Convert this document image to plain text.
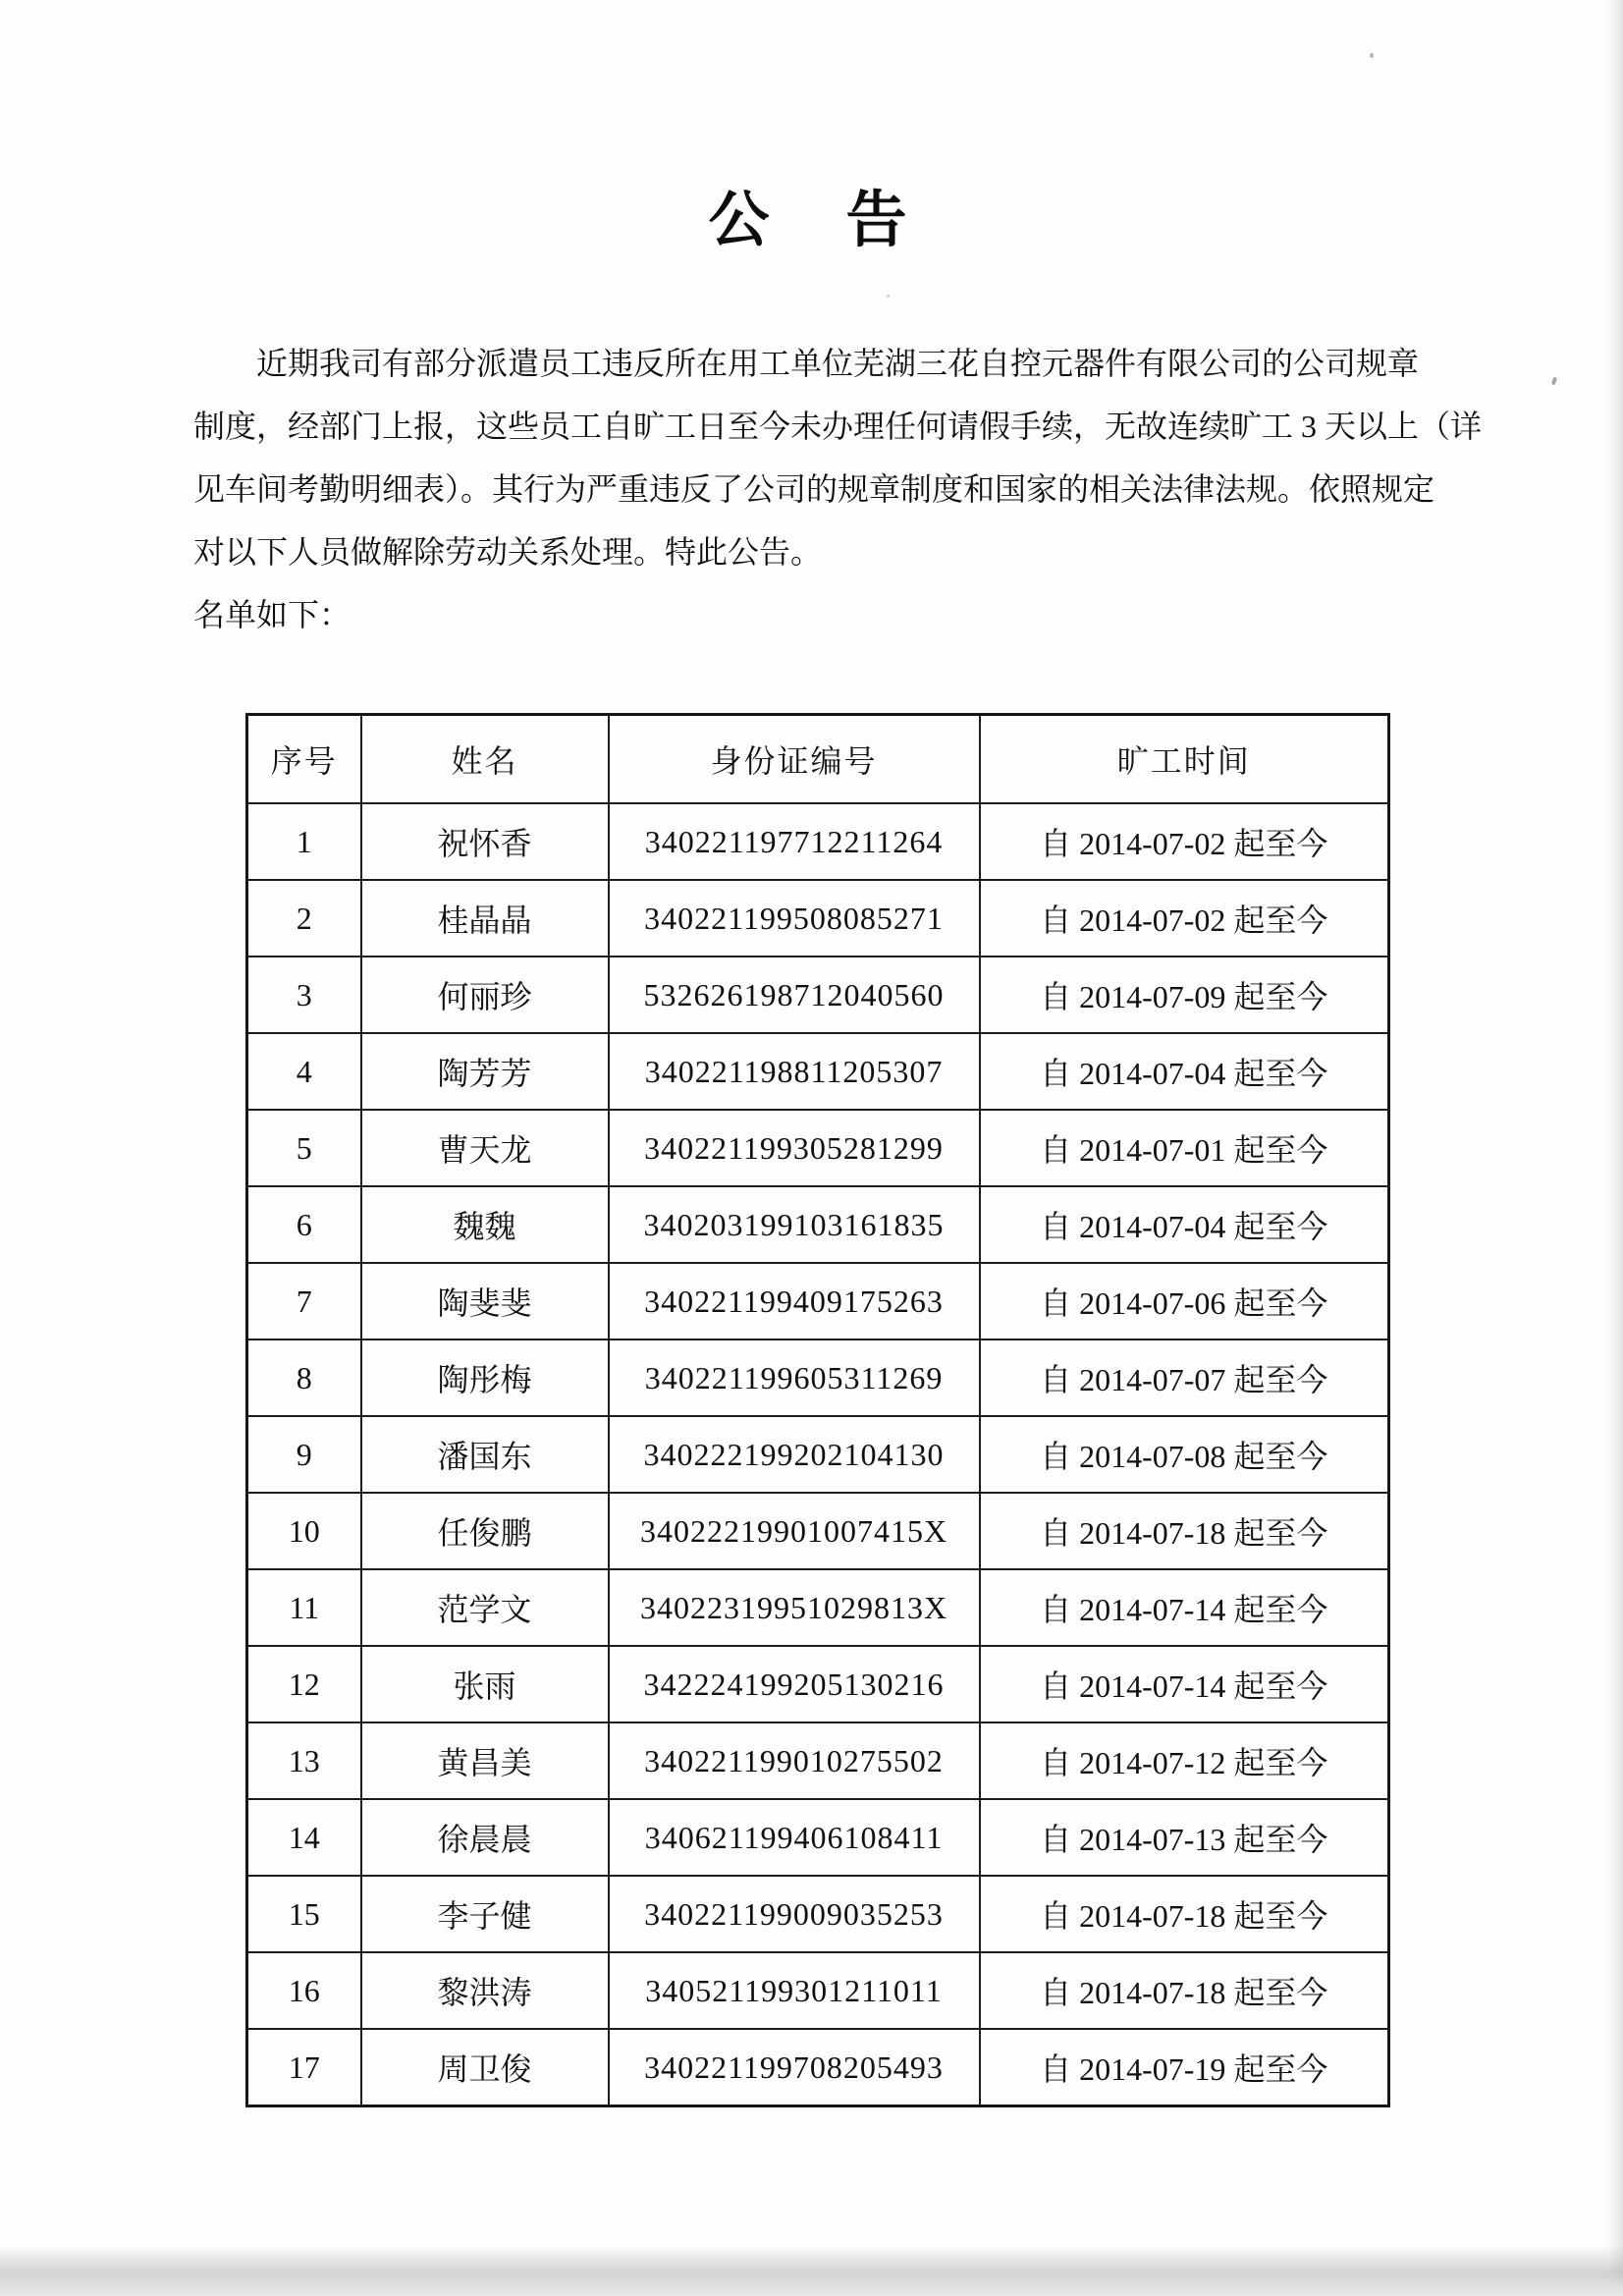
公　告
近期我司有部分派遣员工违反所在用工单位芜湖三花自控元器件有限公司的公司规章
制度，经部门上报，这些员工自旷工日至今未办理任何请假手续，无故连续旷工 3 天以上（详
见车间考勤明细表）。其行为严重违反了公司的规章制度和国家的相关法律法规。依照规定
对以下人员做解除劳动关系处理。特此公告。
名单如下：
序号	姓名	身份证编号	旷工时间
1	祝怀香	340221197712211264	自 2014-07-02 起至今
2	桂晶晶	340221199508085271	自 2014-07-02 起至今
3	何丽珍	532626198712040560	自 2014-07-09 起至今
4	陶芳芳	340221198811205307	自 2014-07-04 起至今
5	曹天龙	340221199305281299	自 2014-07-01 起至今
6	魏魏	340203199103161835	自 2014-07-04 起至今
7	陶斐斐	340221199409175263	自 2014-07-06 起至今
8	陶彤梅	340221199605311269	自 2014-07-07 起至今
9	潘国东	340222199202104130	自 2014-07-08 起至今
10	任俊鹏	34022219901007415X	自 2014-07-18 起至今
11	范学文	34022319951029813X	自 2014-07-14 起至今
12	张雨	342224199205130216	自 2014-07-14 起至今
13	黄昌美	340221199010275502	自 2014-07-12 起至今
14	徐晨晨	340621199406108411	自 2014-07-13 起至今
15	李子健	340221199009035253	自 2014-07-18 起至今
16	黎洪涛	340521199301211011	自 2014-07-18 起至今
17	周卫俊	340221199708205493	自 2014-07-19 起至今
